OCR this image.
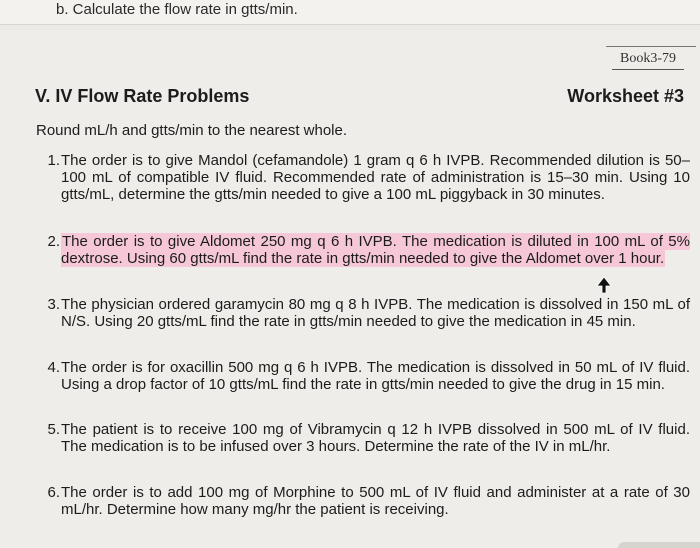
b. Calculate the flow rate in gtts/min.
Book3-79
V. IV Flow Rate Problems	Worksheet #3
Round mL/h and gtts/min to the nearest whole.
1. The order is to give Mandol (cefamandole) 1 gram q 6 h IVPB. Recommended dilution is 50–100 mL of compatible IV fluid. Recommended rate of administration is 15–30 min. Using 10 gtts/mL, determine the gtts/min needed to give a 100 mL piggyback in 30 minutes.
2. The order is to give Aldomet 250 mg q 6 h IVPB. The medication is diluted in 100 mL of 5% dextrose. Using 60 gtts/mL find the rate in gtts/min needed to give the Aldomet over 1 hour.
3. The physician ordered garamycin 80 mg q 8 h IVPB. The medication is dissolved in 150 mL of N/S. Using 20 gtts/mL find the rate in gtts/min needed to give the medication in 45 min.
4. The order is for oxacillin 500 mg q 6 h IVPB. The medication is dissolved in 50 mL of IV fluid. Using a drop factor of 10 gtts/mL find the rate in gtts/min needed to give the drug in 15 min.
5. The patient is to receive 100 mg of Vibramycin q 12 h IVPB dissolved in 500 mL of IV fluid. The medication is to be infused over 3 hours. Determine the rate of the IV in mL/hr.
6. The order is to add 100 mg of Morphine to 500 mL of IV fluid and administer at a rate of 30 mL/hr. Determine how many mg/hr the patient is receiving.
